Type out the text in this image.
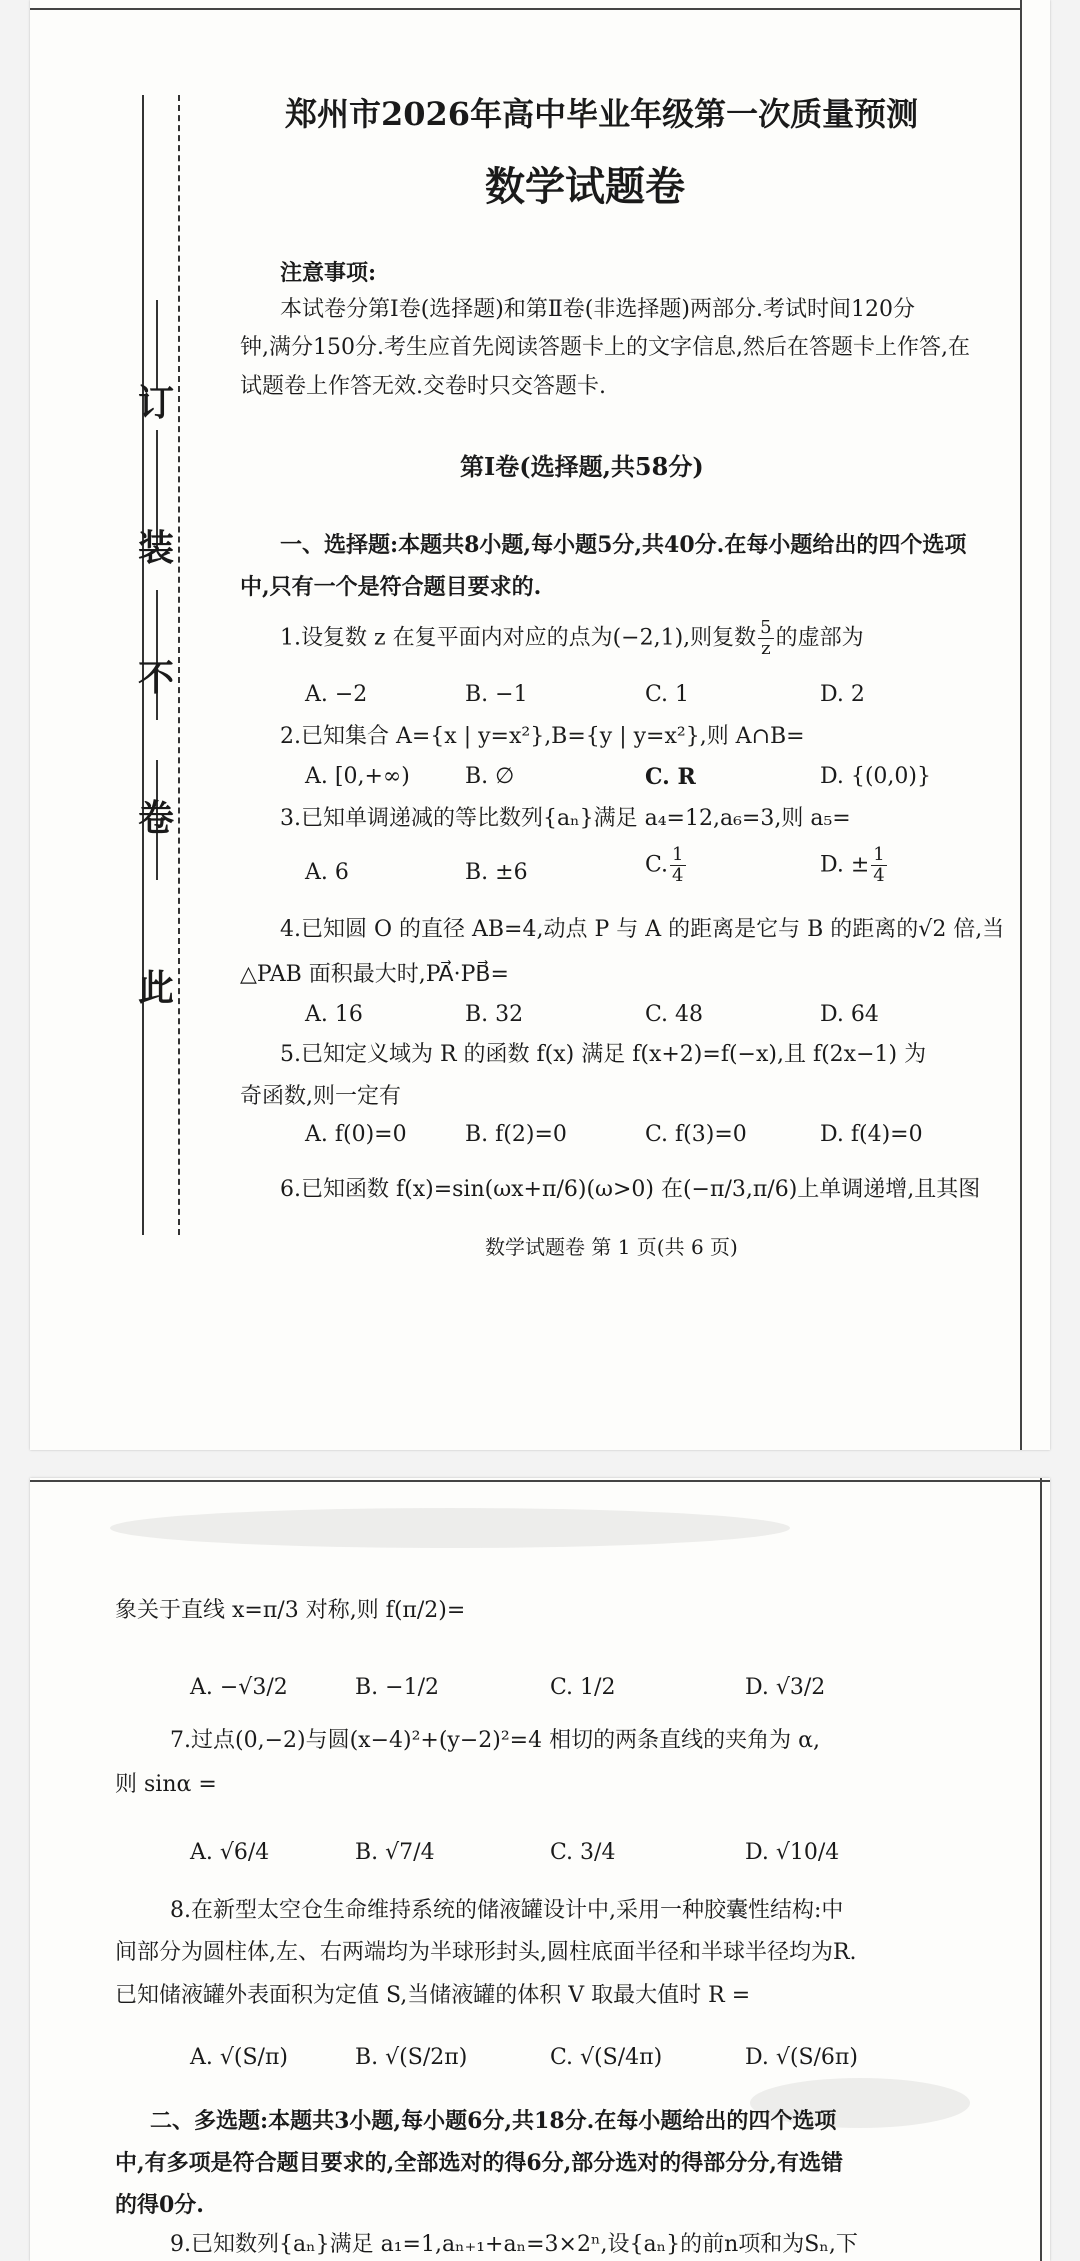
此
卷
不
装
订
郑州市2026年高中毕业年级第一次质量预测
数学试题卷
注意事项:
本试卷分第Ⅰ卷(选择题)和第Ⅱ卷(非选择题)两部分.考试时间120分
钟,满分150分.考生应首先阅读答题卡上的文字信息,然后在答题卡上作答,在
试题卷上作答无效.交卷时只交答题卡.
第Ⅰ卷(选择题,共58分)
一、选择题:本题共8小题,每小题5分,共40分.在每小题给出的四个选项
中,只有一个是符合题目要求的.
1.设复数 z 在复平面内对应的点为(−2,1),则复数 $\frac{5}{z}$ 的虚部为
A. −2	B. −1	C. 1	D. 2
2.已知集合 A={x | y=x²},B={y | y=x²},则 A∩B=
A. [0,+∞)	B. ∅	C. R	D. {(0,0)}
3.已知单调递减的等比数列{aₙ}满足 a₄=12,a₆=3,则 a₅=
A. 6	B. ±6	C. $\frac{1}{4}$	D. ± $\frac{1}{4}$
4.已知圆 O 的直径 AB=4,动点 P 与 A 的距离是它与 B 的距离的√2 倍,当
△PAB 面积最大时,PA⃗·PB⃗=
A. 16	B. 32	C. 48	D. 64
5.已知定义域为 R 的函数 f(x) 满足 f(x+2)=f(−x),且 f(2x−1) 为
奇函数,则一定有
A. f(0)=0	B. f(2)=0	C. f(3)=0	D. f(4)=0
6.已知函数 f(x)=sin(ωx+π/6)(ω>0) 在(−π/3,π/6)上单调递增,且其图
数学试题卷 第 1 页(共 6 页)
象关于直线 x=π/3 对称,则 f(π/2)=
A. −√3/2	B. −1/2	C. 1/2	D. √3/2
7.过点(0,−2)与圆(x−4)²+(y−2)²=4 相切的两条直线的夹角为 α,
则 sinα =
A. √6/4	B. √7/4	C. 3/4	D. √10/4
8.在新型太空仓生命维持系统的储液罐设计中,采用一种胶囊性结构:中
间部分为圆柱体,左、右两端均为半球形封头,圆柱底面半径和半球半径均为R.
已知储液罐外表面积为定值 S,当储液罐的体积 V 取最大值时 R =
A. √(S/π)	B. √(S/2π)	C. √(S/4π)	D. √(S/6π)
二、多选题:本题共3小题,每小题6分,共18分.在每小题给出的四个选项
中,有多项是符合题目要求的,全部选对的得6分,部分选对的得部分分,有选错
的得0分.
9.已知数列{aₙ}满足 a₁=1,aₙ₊₁+aₙ=3×2ⁿ,设{aₙ}的前n项和为Sₙ,下
